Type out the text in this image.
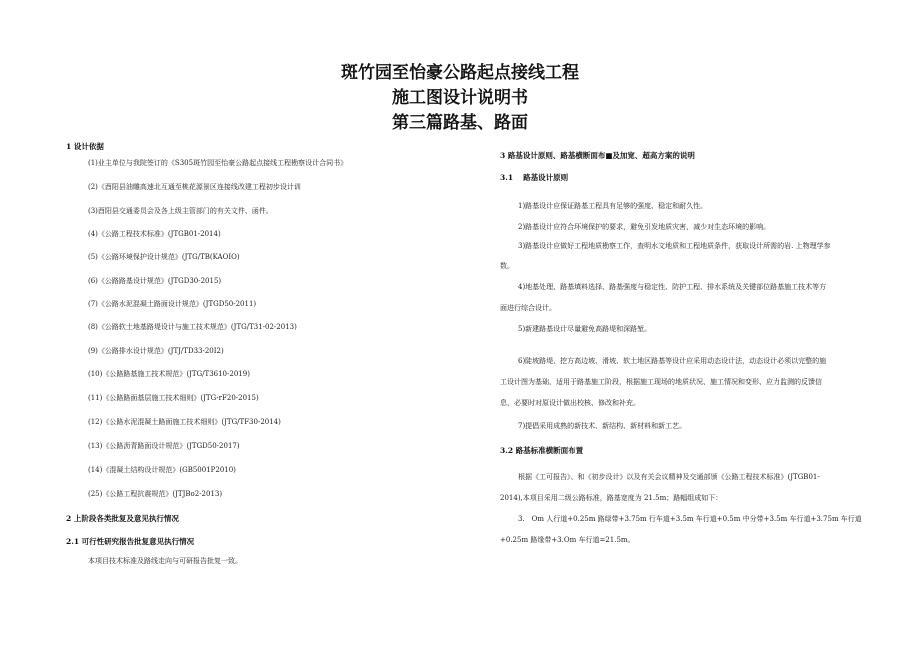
斑竹园至怡豪公路起点接线工程
施工图设计说明书
第三篇路基、路面
1 设计依据
(1)业主单位与我院签订的《S305斑竹园至怡豪公路起点接线工程勘察设计合同书》
(2)《酉阳县油雕高速北互通至桃花源景区连接线改建工程初步设计训
(3)酉阳县交通委员会及各上级主管部门的有关文件、函件。
(4)《公路工程技术标准》(JTGB01-2014)
(5)《公路环境保护设计规范》(JTG/TB(KAOIO)
(6)《公路路基设计规范》(JTGD30-2015)
(7)《公路水泥混凝土路面设计规范》(JTGD50-2011)
(8)《公路软土地基路堤设计与施工技术规范》(JTG/T31-02-2013)
(9)《公路排水设计规范》(JTJ/TD33-20I2)
(10)《公路路基施工技术规范》(JTG/T3610-2019)
(11)《公路路面基层施工技术细则》(JTG-rF20-2015)
(12)《公路水泥混凝土路面施工技术细则》(JTG/TF30-2014)
(13)《公路沥青路面设计规范》(JTGD50-2017)
(14)《混凝土结构设计规范》(GB5001P2010)
(25)《公路工程抗震规范》(JTJBo2-2013)
2 上阶段各类批复及意见执行情况
2.1 可行性研究报告批复意见执行情况
本项目技术标准及路线走向与可研报告批复一致。
3 路基设计原则、路基横断面布■及加宽、超高方案的说明
3.1　 路基设计原则
1)路基设计应保证路基工程具有足够的强度、稳定和耐久性。
2)路基设计应符合环境保护的要求，避免引发地质灾害，减少对生态环境的影响。
3)路基设计应做好工程地质勘察工作，查明水文地质和工程地质条件，获取设计所需的岩. 上物理学参
数。
4)地基处理、路基填料选择、路基强度与稳定性、防护工程、排水系统及关键部位路基施工技术等方
面进行综合设计。
5)新建路基设计尽量避免高路堤和深路堑。
6)陡坡路堤、挖方高边坡、滑坡、软土地区路基等设计应采用动态设计法，动态设计必须以完整的施
工设计图为基础，适用于路基施工阶段，根据施工现场的地质状况、施工情况和变形、应力监测的反馈信
息，必要时对原设计做出校核、修改和补充。
7)提倡采用成熟的新技术、新结构、新材料和新工艺。
3.2 路基标准横断面布置
根据《工可报告》、和《初步设计》以及有关会议精神及交通部颁《公路工程技术标准》(JTGB01-
2014),本项目采用二级公路标准，路基宽度为 21.5m；路幅组成如下：
3.　Om 人行道+0.25m 路绿带+3.75m 行车道+3.5m 车行道+0.5m 中分带+3.5m 车行道+3.75m 车行道
+0.25m 路缘带+3.Om 车行道=21.5m。
